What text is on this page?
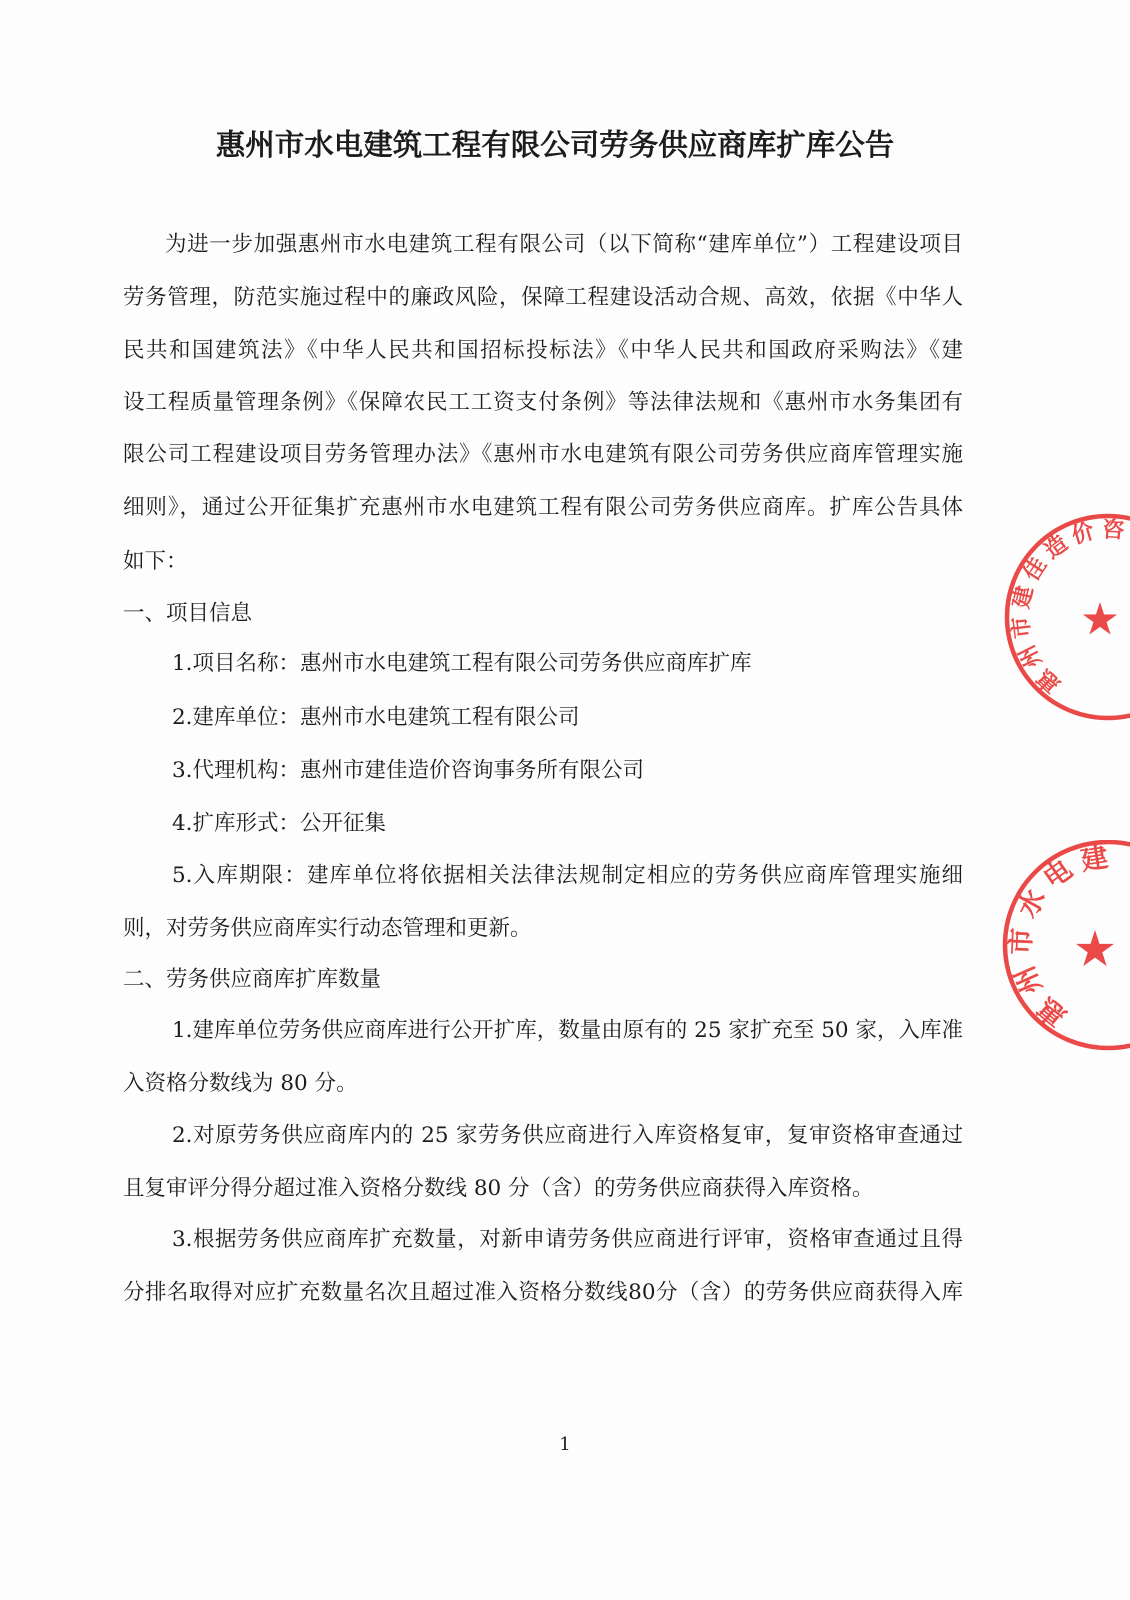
惠州市水电建筑工程有限公司劳务供应商库扩库公告
为进一步加强惠州市水电建筑工程有限公司（以下简称“建库单位”）工程建设项目
劳务管理，防范实施过程中的廉政风险，保障工程建设活动合规、高效，依据《中华人
民共和国建筑法》《中华人民共和国招标投标法》《中华人民共和国政府采购法》《建
设工程质量管理条例》《保障农民工工资支付条例》等法律法规和《惠州市水务集团有
限公司工程建设项目劳务管理办法》《惠州市水电建筑有限公司劳务供应商库管理实施
细则》，通过公开征集扩充惠州市水电建筑工程有限公司劳务供应商库。扩库公告具体
如下：
一、项目信息
1.项目名称：惠州市水电建筑工程有限公司劳务供应商库扩库
2.建库单位：惠州市水电建筑工程有限公司
3.代理机构：惠州市建佳造价咨询事务所有限公司
4.扩库形式：公开征集
5.入库期限：建库单位将依据相关法律法规制定相应的劳务供应商库管理实施细
则，对劳务供应商库实行动态管理和更新。
二、劳务供应商库扩库数量
1.建库单位劳务供应商库进行公开扩库，数量由原有的 25 家扩充至 50 家，入库准
入资格分数线为 80 分。
2.对原劳务供应商库内的 25 家劳务供应商进行入库资格复审，复审资格审查通过
且复审评分得分超过准入资格分数线 80 分（含）的劳务供应商获得入库资格。
3.根据劳务供应商库扩充数量，对新申请劳务供应商进行评审，资格审查通过且得
分排名取得对应扩充数量名次且超过准入资格分数线80分（含）的劳务供应商获得入库
1
惠州市建佳造价咨
惠州市水电建
